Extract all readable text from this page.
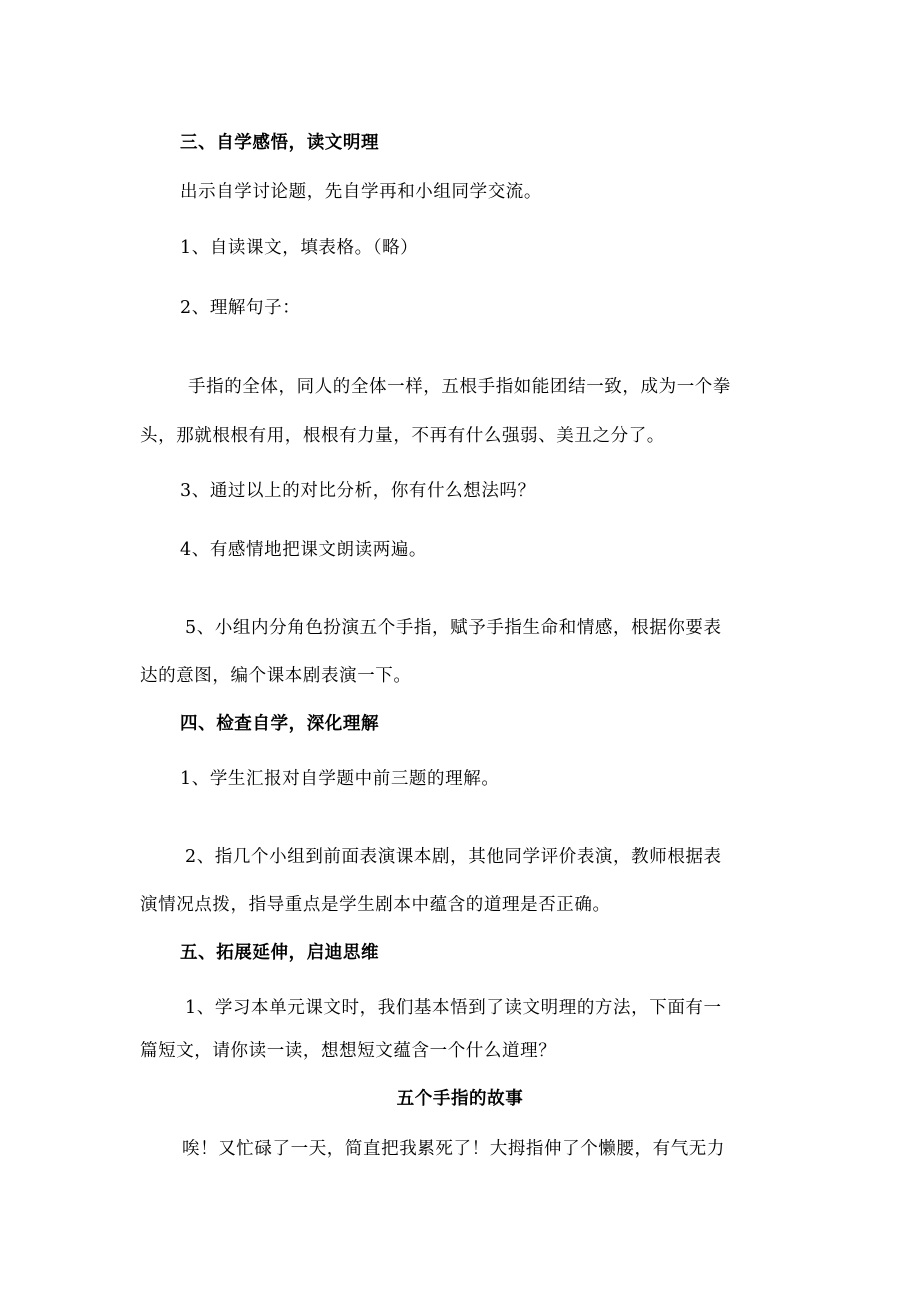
三、自学感悟，读文明理

出示自学讨论题，先自学再和小组同学交流。

1、自读课文，填表格。（略）

2、理解句子：

手指的全体，同人的全体一样，五根手指如能团结一致，成为一个拳

头，那就根根有用，根根有力量，不再有什么强弱、美丑之分了。

3、通过以上的对比分析，你有什么想法吗？

4、有感情地把课文朗读两遍。

5、小组内分角色扮演五个手指，赋予手指生命和情感，根据你要表

达的意图，编个课本剧表演一下。

四、检查自学，深化理解

1、学生汇报对自学题中前三题的理解。

2、指几个小组到前面表演课本剧，其他同学评价表演，教师根据表

演情况点拨，指导重点是学生剧本中蕴含的道理是否正确。

五、拓展延伸，启迪思维

1、学习本单元课文时，我们基本悟到了读文明理的方法，下面有一

篇短文，请你读一读，想想短文蕴含一个什么道理？

五个手指的故事

唉！又忙碌了一天，简直把我累死了！大拇指伸了个懒腰，有气无力
